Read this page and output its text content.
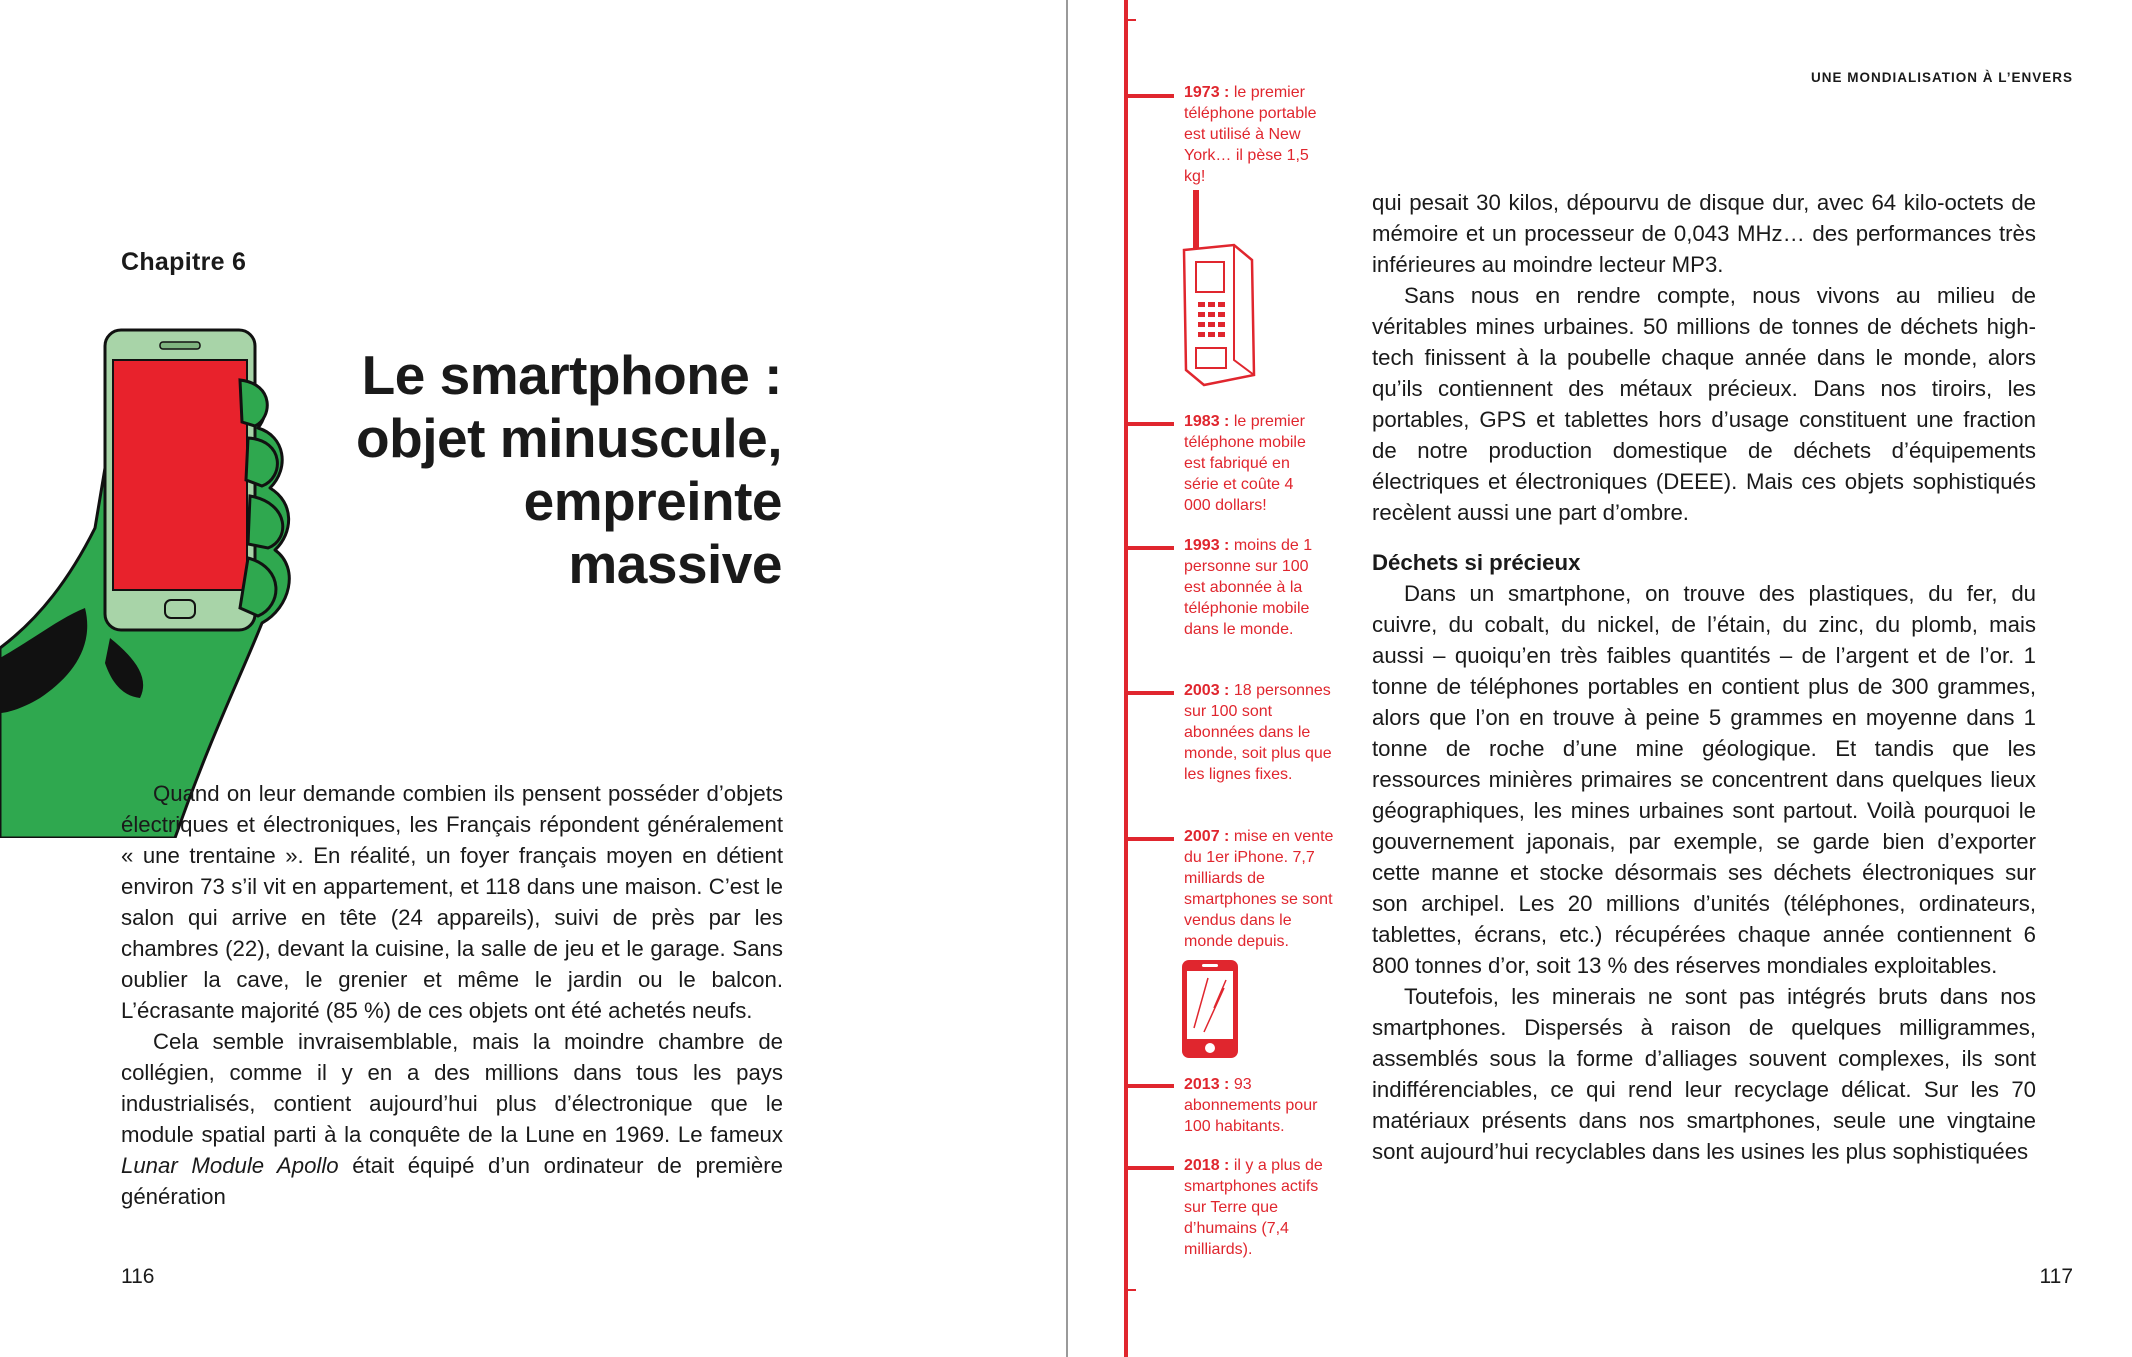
Chapitre 6
Le smartphone :
objet minuscule,
empreinte
massive

Quand on leur demande combien ils pensent posséder d’objets électriques et électroniques, les Français répondent généralement « une trentaine ». En réalité, un foyer français moyen en détient environ 73 s’il vit en appartement, et 118 dans une maison. C’est le salon qui arrive en tête (24 appareils), suivi de près par les chambres (22), devant la cuisine, la salle de jeu et le garage. Sans oublier la cave, le grenier et même le jardin ou le balcon. L’écrasante majorité (85 %) de ces objets ont été achetés neufs.

Cela semble invraisemblable, mais la moindre chambre de collégien, comme il y en a des millions dans tous les pays industrialisés, contient aujourd’hui plus d’électronique que le module spatial parti à la conquête de la Lune en 1969. Le fameux Lunar Module Apollo était équipé d’un ordinateur de première génération

116
UNE MONDIALISATION À L’ENVERS
1973 : le premier téléphone portable est utilisé à New York… il pèse 1,5 kg!
1983 : le premier téléphone mobile est fabriqué en série et coûte 4 000 dollars!
1993 : moins de 1 personne sur 100 est abonnée à la téléphonie mobile dans le monde.
2003 : 18 personnes sur 100 sont abonnées dans le monde, soit plus que les lignes fixes.
2007 : mise en vente du 1er iPhone. 7,7 milliards de smartphones se sont vendus dans le monde depuis.
2013 : 93 abonnements pour 100 habitants.
2018 : il y a plus de smartphones actifs sur Terre que d’humains (7,4 milliards).

qui pesait 30 kilos, dépourvu de disque dur, avec 64 kilo-octets de mémoire et un processeur de 0,043 MHz… des performances très inférieures au moindre lecteur MP3.

Sans nous en rendre compte, nous vivons au milieu de véritables mines urbaines. 50 millions de tonnes de déchets high-tech finissent à la poubelle chaque année dans le monde, alors qu’ils contiennent des métaux précieux. Dans nos tiroirs, les portables, GPS et tablettes hors d’usage constituent une fraction de notre production domestique de déchets d’équipements électriques et électroniques (DEEE). Mais ces objets sophistiqués recèlent aussi une part d’ombre.

Déchets si précieux

Dans un smartphone, on trouve des plastiques, du fer, du cuivre, du cobalt, du nickel, de l’étain, du zinc, du plomb, mais aussi – quoiqu’en très faibles quantités – de l’argent et de l’or. 1 tonne de téléphones portables en contient plus de 300 grammes, alors que l’on en trouve à peine 5 grammes en moyenne dans 1 tonne de roche d’une mine géologique. Et tandis que les ressources minières primaires se concentrent dans quelques lieux géographiques, les mines urbaines sont partout. Voilà pourquoi le gouvernement japonais, par exemple, se garde bien d’exporter cette manne et stocke désormais ses déchets électroniques sur son archipel. Les 20 millions d’unités (téléphones, ordinateurs, tablettes, écrans, etc.) récupérées chaque année contiennent 6 800 tonnes d’or, soit 13 % des réserves mondiales exploitables.

Toutefois, les minerais ne sont pas intégrés bruts dans nos smartphones. Dispersés à raison de quelques milligrammes, assemblés sous la forme d’alliages souvent complexes, ils sont indifférenciables, ce qui rend leur recyclage délicat. Sur les 70 matériaux présents dans nos smartphones, seule une vingtaine sont aujourd’hui recyclables dans les usines les plus sophistiquées

117
